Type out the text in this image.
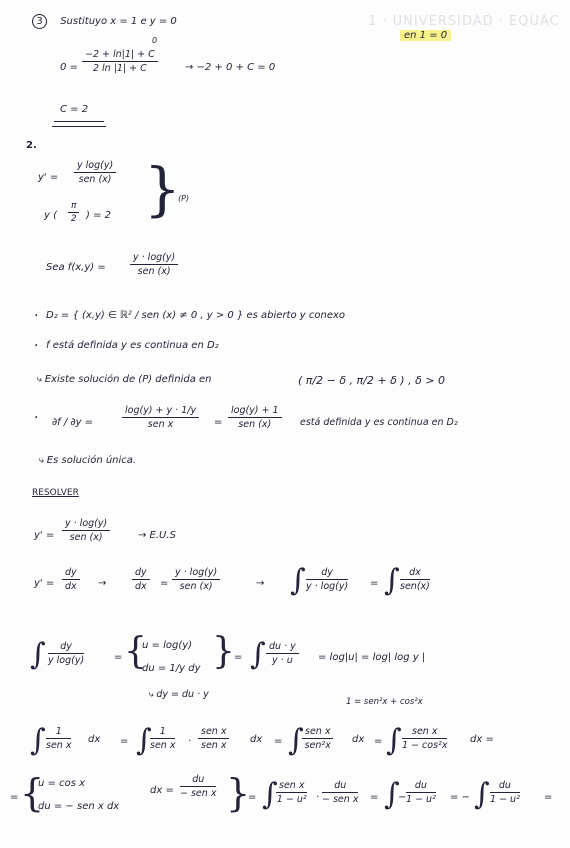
1 · UNIVERSIDAD · EQUAC
3 Sustituyo x = 1 e y = 0
en 1 = 0
0
$0 = \frac{-2 + \ln|1| + C}{2 \ln |1| + C}$	→ −2 + 0 + C = 0
C = 2
2.
y' =
y log(y)
sen (x)
y ( $\frac{\pi}{2}$ ) = 2 }
(P)
Sea f(x,y) =
y · log(y)
sen (x)
· D₂ = { (x,y) ∈ ℝ² / sen (x) ≠ 0 , y > 0 } es abierto y conexo
· f está definida y es continua en D₂
⤷ Existe solución de (P) definida en	( π/2 − δ , π/2 + δ ) , δ > 0
· ∂f / ∂y =
log(y) + y · 1/y
sen x	=
log(y) + 1
sen (x)	está definida y es continua en D₂
⤷ Es solución única.
RESOLVER
y' =
y · log(y)
sen (x)	→ E.U.S
$y' = \frac{dy}{dx}$ →	$\frac{dy}{dx}$ =
y · log(y)
sen (x)	→ ∫ $\frac{dy}{y \cdot \log(y)}$ = ∫ dx
sen(x)
∫ $\frac{dy}{\text{y log(y)}}$	= {
u = log(y)
du = 1/y dy } = ∫ $\frac{du \cdot y}{y \cdot u} = \log|u| = \log|$ log y |
⤷ dy = du · y
1 = sen²x + cos²x
∫	1
sen x
dx = ∫ 1
sen x ·
sen x
sen x
dx = ∫ sen x
sen²x
dx = ∫	sen x
1 − cos²x
dx =
= {
u = cos x
du = − sen x dx
dx =
du
− sen x }
= ∫ sen x
1 − u² ·
du
− sen x = ∫
− $\frac{du}{\text{1 − u²}}$ = − ∫ $\frac{du}{\text{1 − u²}}$ =
